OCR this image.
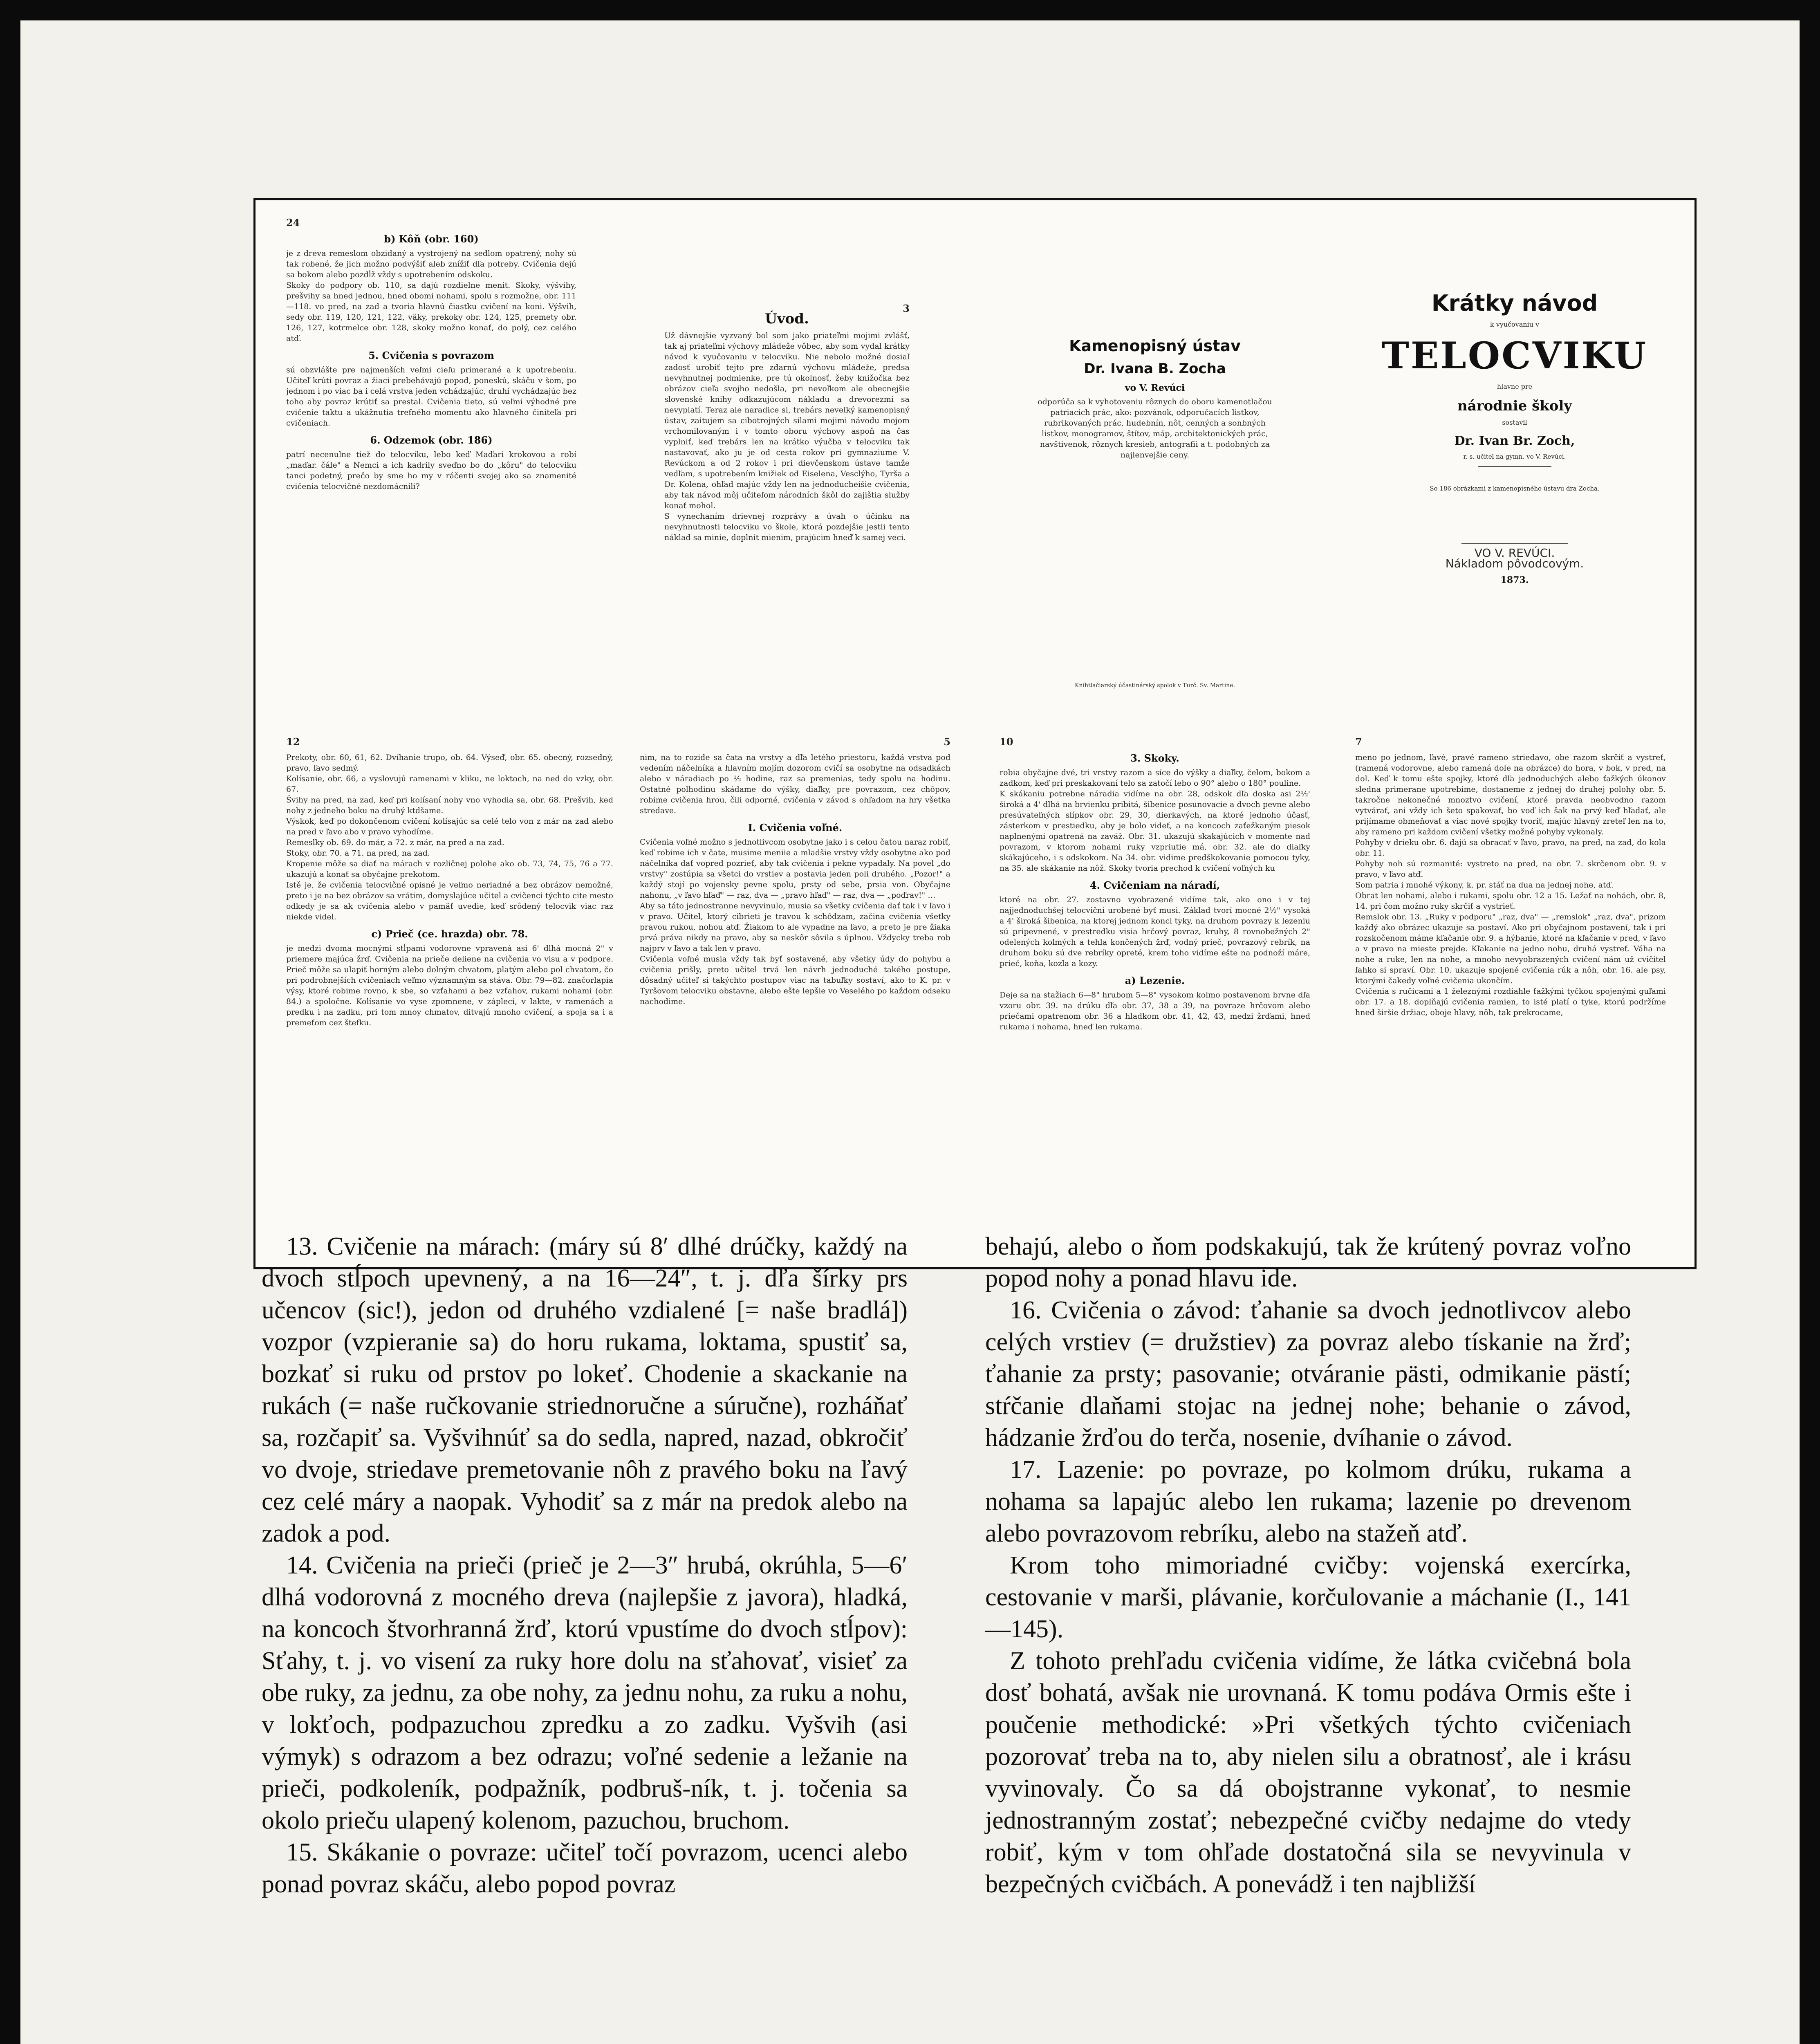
24
b) Kôň (obr. 160)
je z dreva remeslom obzidaný a vystrojený na sedlom opatrený, nohy sú tak robené, že jich možno podvýšiť aleb znížiť dľa potreby. Cvičenia dejú sa bokom alebo pozdĺž vždy s upotrebením odskoku.
Skoky do podpory ob. 110, sa dajú rozdielne menit. Skoky, výšvihy, prešvihy sa hned jednou, hned obomi nohami, spolu s rozmožne, obr. 111—118. vo pred, na zad a tvoria hlavnú čiastku cvičení na koni. Výšvih, sedy obr. 119, 120, 121, 122, väky, prekoky obr. 124, 125, premety obr. 126, 127, kotrmelce obr. 128, skoky možno konať, do polý, cez celého atď.
5. Cvičenia s povrazom
sú obzvlášte pre najmenších veľmi cieľu primerané a k upotrebeniu. Učiteľ krúti povraz a žiaci prebehávajú popod, poneskú, skáču v šom, po jednom i po viac ba i celá vrstva jeden vchádzajúc, druhí vychádzajúc bez toho aby povraz krútiť sa prestal. Cvičenia tieto, sú veľmi výhodné pre cvičenie taktu a ukážnutia trefného momentu ako hlavného činiteľa pri cvičeniach.
6. Odzemok (obr. 186)
patrí necenulne tiež do telocviku, lebo keď Maďari krokovou a robí „maďar. čále" a Nemci a ich kadrily sveďno bo do „kôru" do telocviku tanci podetný, prečo by sme ho my v ráčenti svojej ako sa znamenité cvičenia telocvičné nezdomácnili?
3
Úvod.
Už dávnejšie vyzvaný bol som jako priateľmi mojimi zvlášť, tak aj priateľmi výchovy mládeže vôbec, aby som vydal krátky návod k vyučovaniu v telocviku. Nie nebolo možné dosiaľ zadosť urobiť tejto pre zdarnú výchovu mládeže, predsa nevyhnutnej podmienke, pre tú okolnosť, žeby knižočka bez obrázov cieľa svojho nedošla, pri nevoľkom ale obecnejšie slovenské knihy odkazujúcom nákladu a drevorezmi sa nevyplatí. Teraz ale naradice si, trebárs neveľký kamenopisný ústav, zaitujem sa cibotrojných silami mojimi návodu mojom vrchomilovaným i v tomto oboru výchovy aspoň na čas vyplniť, keď trebárs len na krátko výučba v telocviku tak nastavovať, ako ju je od cesta rokov pri gymnaziume V. Revúckom a od 2 rokov i pri dievčenskom ústave tamže vedľam, s upotrebením knižiek od Eiselena, Vesclýho, Tyrša a Dr. Kolena, ohľad majúc vždy len na jednoducheišie cvičenia, aby tak návod môj učiteľom národních škôl do zajištia služby konať mohol.
S vynechaním drievnej rozprávy a úvah o účinku na nevyhnutnosti telocviku vo škole, ktorá pozdejšie jestli tento náklad sa minie, doplnit mienim, prajúcim hneď k samej veci.
Kamenopisný ústav
Dr. Ivana B. Zocha
vo V. Revúci
odporúča sa k vyhotoveniu rôznych do oboru kamenotlačou patriacich prác, ako: pozvánok, odporučacích listkov, rubrikovaných prác, hudebnín, nôt, cenných a sonbných listkov, monogramov, štítov, máp, architektonických prác, navštivenok, rôznych kresieb, antografii a t. podobných za najlenvejšie ceny.
Kníhtlačiarský účastinárský spolok v Turč. Sv. Martine.
Krátky návod
k vyučovaniu v
TELOCVIKU
hlavne pre
národnie školy
sostavil
Dr. Ivan Br. Zoch,
r. s. učitel na gymn. vo V. Revúci.
So 186 obrázkami z kamenopisného ústavu dra Zocha.
VO V. REVÚCI.
Nákladom pôvodcovým.
1873.
12
Prekoty, obr. 60, 61, 62. Dvíhanie trupo, ob. 64. Výseď, obr. 65. obecný, rozsedný, pravo, ľavo sedmý.
Kolísanie, obr. 66, a vyslovujú ramenami v kliku, ne loktoch, na ned do vzky, obr. 67.
Švihy na pred, na zad, keď pri kolísaní nohy vno vyhodia sa, obr. 68. Prešvih, keď nohy z jedneho boku na druhý ktdšame.
Výskok, keď po dokončenom cvičení kolísajúc sa celé telo von z már na zad alebo na pred v ľavo abo v pravo vyhodíme.
Remeslky ob. 69. do már, a 72. z már, na pred a na zad.
Stoky, obr. 70. a 71. na pred, na zad.
Kropenie môže sa diať na márach v rozličnej polohe ako ob. 73, 74, 75, 76 a 77. ukazujú a konať sa obyčajne prekotom.
Istě je, že cvičenia telocvičné opisné je veľmo neriadné a bez obrázov nemožné, preto i je na bez obrázov sa vrátim, domyslajúce učitel a cvičenci týchto cite mesto odkedy je sa ak cvičenia alebo v pamäť uvedie, keď srôdený telocvik viac raz niekde videl.
c) Prieč (ce. hrazda) obr. 78.
je medzi dvoma mocnými stĺpami vodorovne vpravená asi 6' dlhá mocná 2" v priemere majúca žrď. Cvičenia na prieče deliene na cvičenia vo visu a v podpore. Prieč môže sa ulapiť horným alebo dolným chvatom, platým alebo pol chvatom, čo pri podrobnejších cvičeniach veľmo významným sa stáva. Obr. 79—82. značorlapia výsy, ktoré robime rovno, k sbe, so vzťahami a bez vzťahov, rukami nohami (obr. 84.) a spoločne. Kolísanie vo vyse zpomnene, v záplecí, v lakte, v ramenách a predku i na zadku, pri tom mnoy chmatov, ditvajú mnoho cvičení, a spoja sa i a premeťom cez štefku.
5
nim, na to rozide sa čata na vrstvy a dľa letého priestoru, každá vrstva pod vedením náčelníka a hlavním mojím dozorom cvičí sa osobytne na odsadkách alebo v náradiach po ½ hodine, raz sa premenias, tedy spolu na hodinu. Ostatné polhodinu skádame do výšky, diaľky, pre povrazom, cez chôpov, robime cvičenia hrou, čili odporné, cvičenia v závod s ohľadom na hry všetka stredave.
I. Cvičenia voľné.
Cvičenia voľné možno s jednotlivcom osobytne jako i s celou čatou naraz robiť, keď robime ich v čate, musime meniie a mladšie vrstvy vždy osobytne ako pod náčelníka dať vopred pozrieť, aby tak cvičenia i pekne vypadaly. Na povel „do vrstvy" zostúpia sa všetci do vrstiev a postavia jeden poli druhého. „Pozor!" a každý stojí po vojensky pevne spolu, prsty od sebe, prsia von. Obyčajne nahonu, „v ľavo hľaď" — raz, dva — „pravo hľaď" — raz, dva — „poďrav!" …
Aby sa táto jednostranne nevyvinulo, musia sa všetky cvičenia dať tak i v ľavo i v pravo. Učitel, ktorý cibrieti je travou k schôdzam, začina cvičenia všetky pravou rukou, nohou atď. Žiakom to ale vypadne na ľavo, a preto je pre žiaka prvá práva nikdy na pravo, aby sa neskôr sôvila s úplnou. Vždycky treba rob najprv v ľavo a tak len v pravo.
Cvičenia voľné musia vždy tak byť sostavené, aby všetky údy do pohybu a cvičenia prišly, preto učitel trvá len návrh jednoduché takého postupe, dôsadný učiteľ si takýchto postupov viac na tabuľky sostaví, ako to K. pr. v Tyršovom telocviku obstavne, alebo ešte lepšie vo Veselého po každom odseku nachodime.
10
3. Skoky.
robia obyčajne dvé, tri vrstvy razom a síce do výšky a diaľky, čelom, bokom a zadkom, keď pri preskakovaní telo sa zatočí lebo o 90° alebo o 180° pouline.
K skákaniu potrebne náradia vidíme na obr. 28, odskok dľa doska asi 2½' široká a 4' dlhá na brvienku pribitá, šibenice posunovacie a dvoch pevne alebo presúvateľných slípkov obr. 29, 30, dierkavých, na ktoré jednoho účasť, zásterkom v prestiedku, aby je bolo videť, a na koncoch zaťežkaným piesok naplnenými opatrená na zaváž. Obr. 31. ukazujú skakajúcich v momente nad povrazom, v ktorom nohami ruky vzpriutie má, obr. 32. ale do diaľky skákajúceho, i s odskokom. Na 34. obr. vidime predškokovanie pomocou tyky, na 35. ale skákanie na nôž. Skoky tvoria prechod k cvičení voľných ku
4. Cvičeniam na náradí,
ktoré na obr. 27. zostavno vyobrazené vidíme tak, ako ono i v tej najjednoduchšej telocvični urobené byť musi. Základ tvorí mocné 2½" vysoká a 4' široká šibenica, na ktorej jednom konci tyky, na druhom povrazy k lezeniu sú pripevnené, v prestredku visia hrčový povraz, kruhy, 8 rovnobežných 2" odelených kolmých a tehla končených žrď, vodný prieč, povrazový rebrík, na druhom boku sú dve rebríky opreté, krem toho vidíme ešte na podnoží máre, prieč, koňa, kozla a kozy.
a) Lezenie.
Deje sa na stažiach 6—8" hrubom 5—8" vysokom kolmo postavenom brvne dľa vzoru obr. 39. na drúku dľa obr. 37, 38 a 39, na povraze hrčovom alebo priečami opatrenom obr. 36 a hladkom obr. 41, 42, 43, medzi žrďami, hneď rukama i nohama, hneď len rukama.
7
meno po jednom, ľavé, pravé rameno striedavo, obe razom skrčiť a vystreť, (ramená vodorovne, alebo ramená dole na obrázce) do hora, v bok, v pred, na dol. Keď k tomu ešte spojky, ktoré dľa jednoduchých alebo ťažkých úkonov sledna primerane upotrebime, dostaneme z jednej do druhej polohy obr. 5. takročne nekonečné mnoztvo cvičení, ktoré pravda neobvodno razom vytvárať, ani vždy ich šeto spakovať, bo voď ich šak na prvý keď hľadať, ale prijímame obmeňovať a viac nové spojky tvoriť, majúc hlavný zreteľ len na to, aby rameno pri každom cvičení všetky možné pohyby vykonaly.
Pohyby v drieku obr. 6. dajú sa obracať v ľavo, pravo, na pred, na zad, do kola obr. 11.
Pohyby noh sú rozmanité: vystreto na pred, na obr. 7. skrčenom obr. 9. v pravo, v ľavo atď.
Som patria i mnohé výkony, k. pr. stáť na dua na jednej nohe, atď.
Obrat len nohami, alebo i rukami, spolu obr. 12 a 15. Ležať na nohách, obr. 8, 14. pri čom možno ruky skrčiť a vystrieť.
Remslok obr. 13. „Ruky v podporu" „raz, dva" — „remslok" „raz, dva", prizom každý ako obrázec ukazuje sa postaví. Ako pri obyčajnom postavení, tak i pri rozskočenom máme kľačanie obr. 9. a hýbanie, ktoré na kľačanie v pred, v ľavo a v pravo na mieste prejde. Kľakanie na jedno nohu, druhá vystreť. Váha na nohe a ruke, len na nohe, a mnoho nevyobrazených cvičení nám už cvičitel ľahko si spraví. Obr. 10. ukazuje spojené cvičenia rúk a nôh, obr. 16. ale psy, ktorými čakedy voľné cvičenia ukončím.
Cvičenia s ručicami a 1 železnými rozdiahle ťažkými tyčkou spojenými guľami obr. 17. a 18. doplňajú cvičenia ramien, to isté platí o tyke, ktorú podržíme hned širšie držiac, oboje hlavy, nôh, tak prekrocame,

13. Cvičenie na márach: (máry sú 8′ dlhé drúčky, každý na dvoch stĺpoch upevnený, a na 16—24″, t. j. dľa šírky prs učencov (sic!), jedon od druhého vzdialené [= naše bradlá]) vozpor (vzpieranie sa) do horu rukama, loktama, spustiť sa, bozkať si ruku od prstov po lokeť. Chodenie a skackanie na rukách (= naše ručkovanie striednoručne a súručne), rozháňať sa, rozčapiť sa. Vyšvihnúť sa do sedla, napred, nazad, obkročiť vo dvoje, striedave premetovanie nôh z pravého boku na ľavý cez celé máry a naopak. Vyhodiť sa z már na predok alebo na zadok a pod.

14. Cvičenia na prieči (prieč je 2—3″ hrubá, okrúhla, 5—6′ dlhá vodorovná z mocného dreva (najlepšie z javora), hladká, na koncoch štvorhranná žrď, ktorú vpustíme do dvoch stĺpov): Sťahy, t. j. vo visení za ruky hore dolu na sťahovať, visieť za obe ruky, za jednu, za obe nohy, za jednu nohu, za ruku a nohu, v lokťoch, podpazuchou zpredku a zo zadku. Vyšvih (asi výmyk) s odrazom a bez odrazu; voľné sedenie a ležanie na prieči, podkoleník, podpažník, podbruš-ník, t. j. točenia sa okolo prieču ulapený kolenom, pazuchou, bruchom.

15. Skákanie o povraze: učiteľ točí povrazom, ucenci alebo ponad povraz skáču, alebo popod povraz

behajú, alebo o ňom podskakujú, tak že krútený povraz voľno popod nohy a ponad hlavu ide.

16. Cvičenia o závod: ťahanie sa dvoch jednotlivcov alebo celých vrstiev (= družstiev) za povraz alebo tískanie na žrď; ťahanie za prsty; pasovanie; otváranie pästi, odmikanie pästí; stŕčanie dlaňami stojac na jednej nohe; behanie o závod, hádzanie žrďou do terča, nosenie, dvíhanie o závod.

17. Lazenie: po povraze, po kolmom drúku, rukama a nohama sa lapajúc alebo len rukama; lazenie po drevenom alebo povrazovom rebríku, alebo na stažeň atď.

Krom toho mimoriadné cvičby: vojenská exercírka, cestovanie v marši, plávanie, korčulovanie a máchanie (I., 141—145).

Z tohoto prehľadu cvičenia vidíme, že látka cvičebná bola dosť bohatá, avšak nie urovnaná. K tomu podáva Ormis ešte i poučenie methodické: »Pri všetkých týchto cvičeniach pozorovať treba na to, aby nielen silu a obratnosť, ale i krásu vyvinovaly. Čo sa dá obojstranne vykonať, to nesmie jednostranným zostať; nebezpečné cvičby nedajme do vtedy robiť, kým v tom ohľade dostatočná sila se nevyvinula v bezpečných cvičbách. A ponevádž i ten najbližší
